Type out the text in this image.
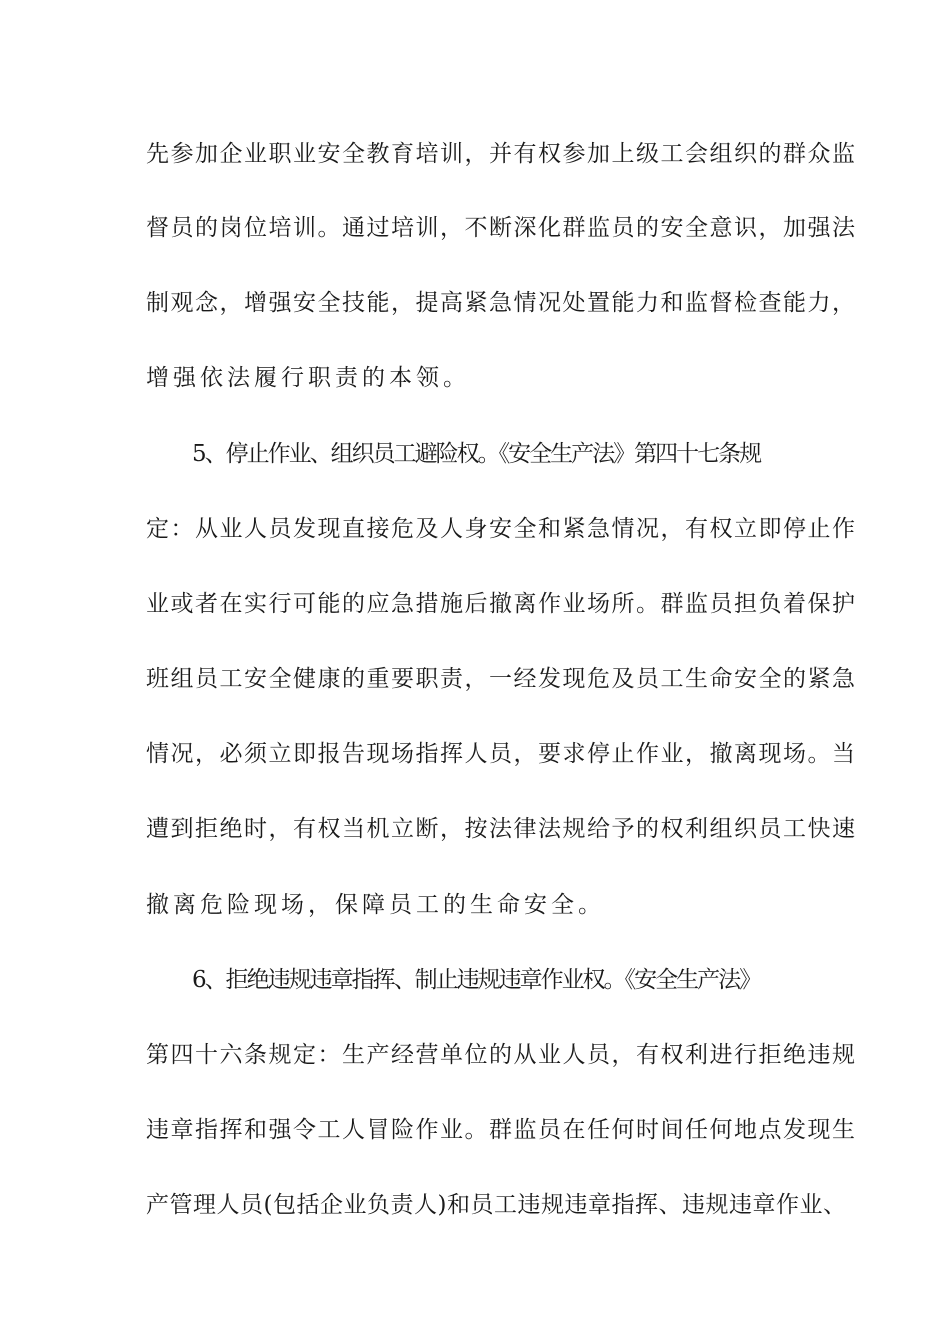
先参加企业职业安全教育培训，并有权参加上级工会组织的群众监
督员的岗位培训。通过培训，不断深化群监员的安全意识，加强法
制观念，增强安全技能，提高紧急情况处置能力和监督检查能力，
增强依法履行职责的本领。
5、停止作业、组织员工避险权。《安全生产法》第四十七条规
定：从业人员发现直接危及人身安全和紧急情况，有权立即停止作
业或者在实行可能的应急措施后撤离作业场所。群监员担负着保护
班组员工安全健康的重要职责，一经发现危及员工生命安全的紧急
情况，必须立即报告现场指挥人员，要求停止作业，撤离现场。当
遭到拒绝时，有权当机立断，按法律法规给予的权利组织员工快速
撤离危险现场，保障员工的生命安全。
6、拒绝违规违章指挥、制止违规违章作业权。《安全生产法》
第四十六条规定：生产经营单位的从业人员，有权利进行拒绝违规
违章指挥和强令工人冒险作业。群监员在任何时间任何地点发现生
产管理人员(包括企业负责人)和员工违规违章指挥、违规违章作业、
